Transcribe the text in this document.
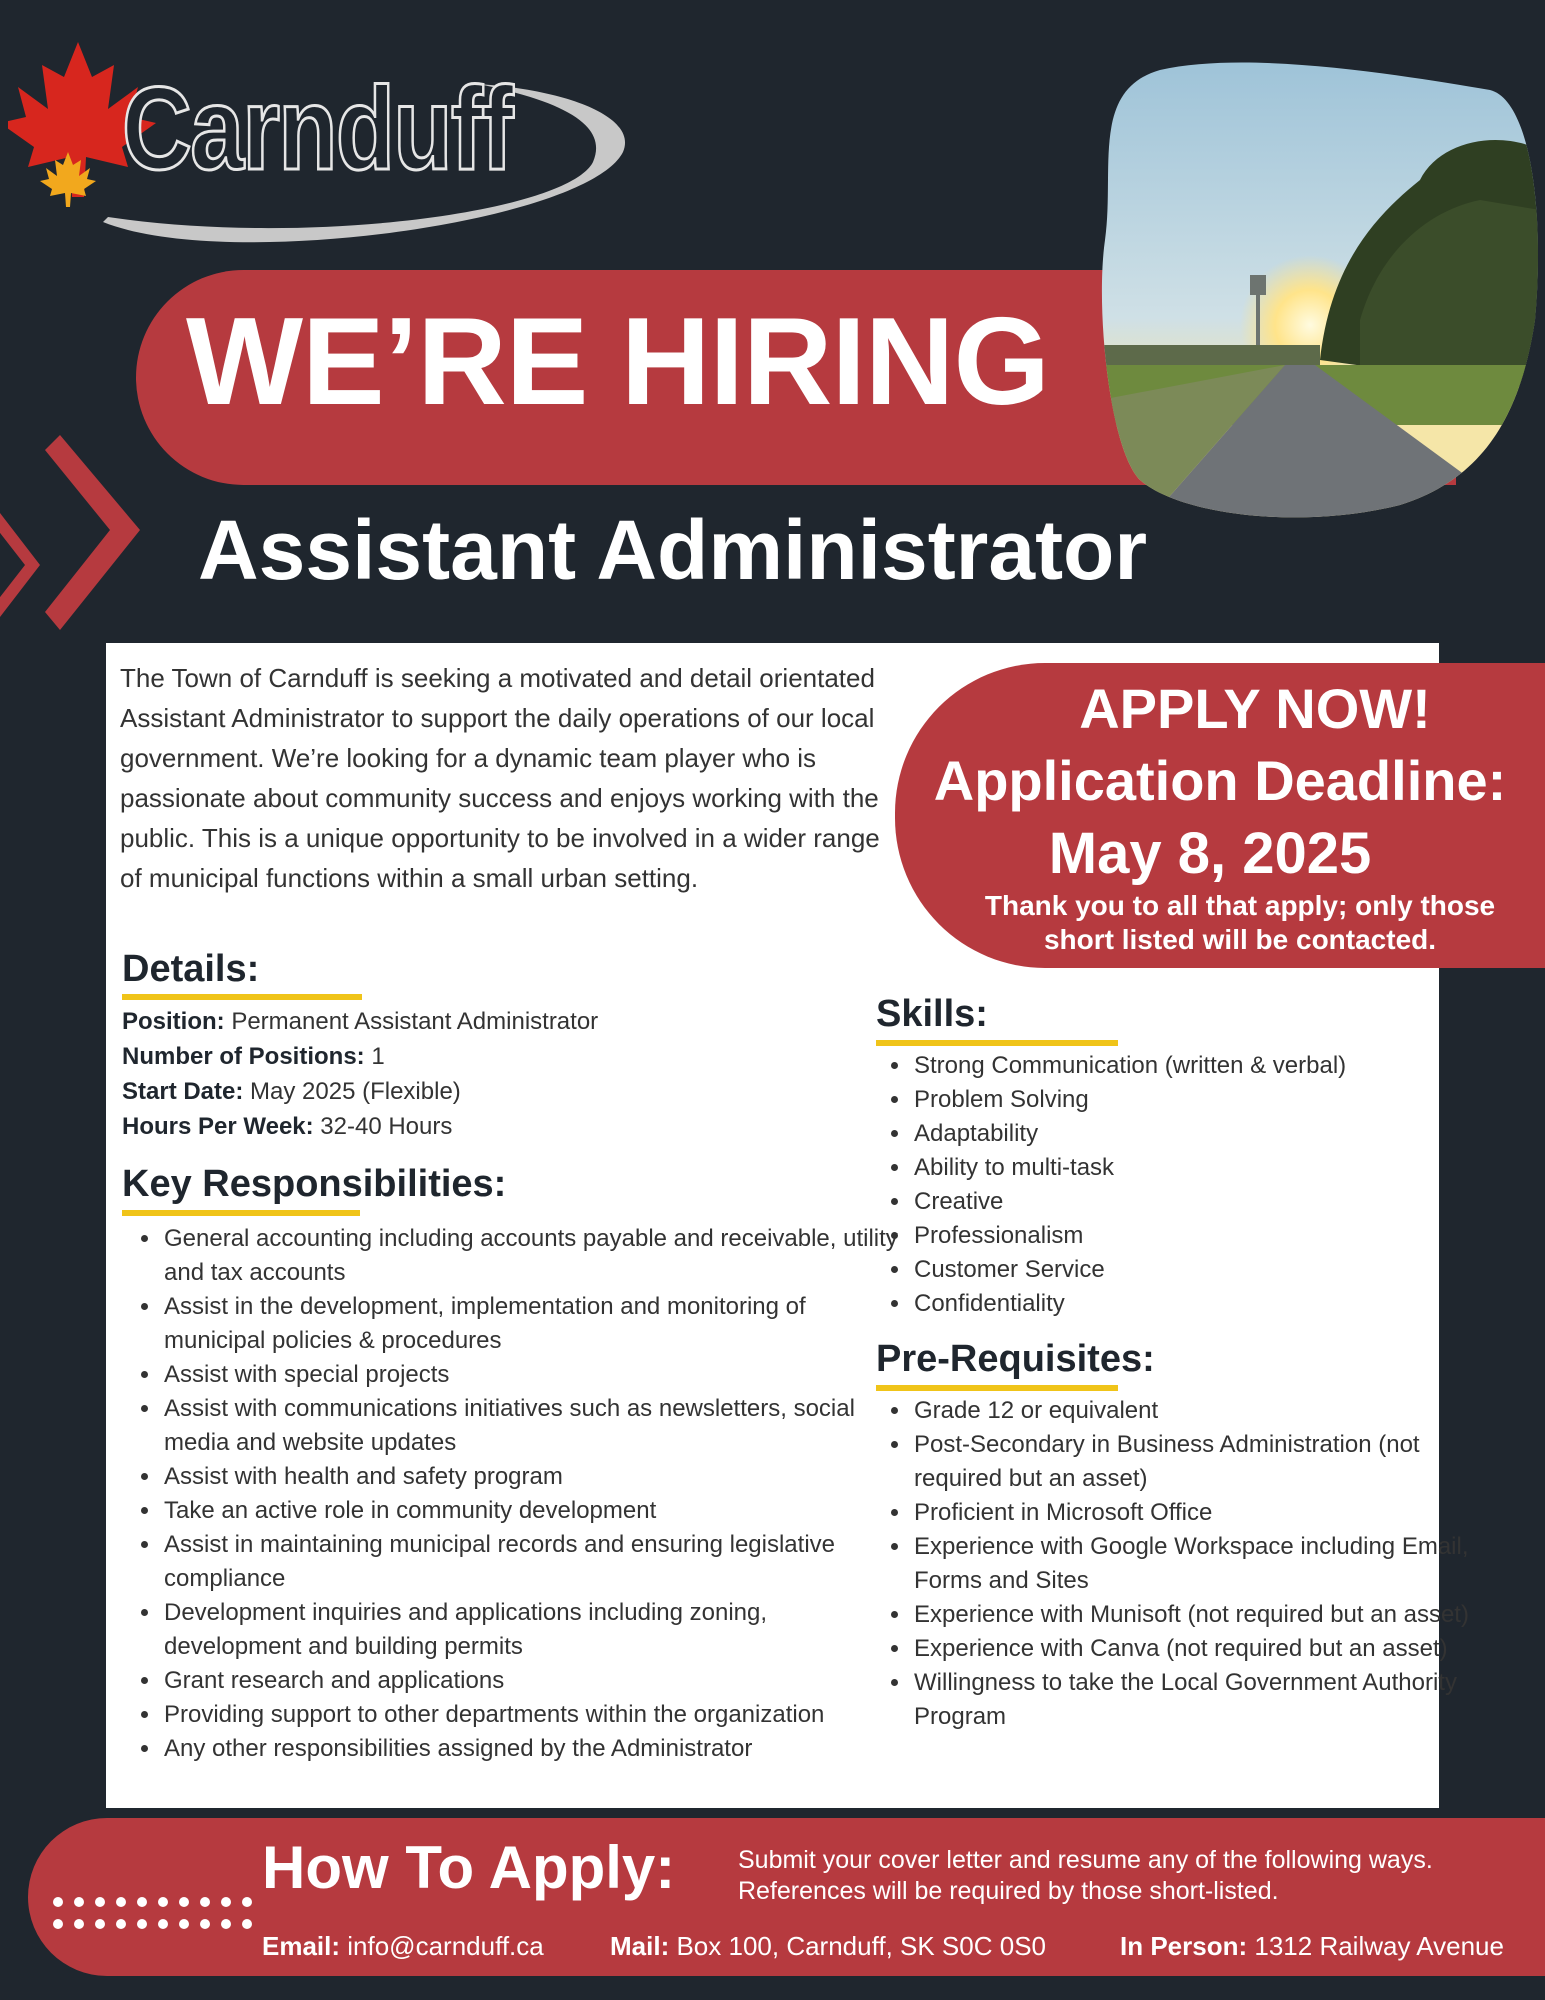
Carnduff
WE’RE HIRING
Assistant Administrator
The Town of Carnduff is seeking a motivated and detail orientated Assistant Administrator to support the daily operations of our local government. We’re looking for a dynamic team player who is passionate about community success and enjoys working with the public. This is a unique opportunity to be involved in a wider range of municipal functions within a small urban setting.
APPLY NOW!
Application Deadline:
May 8, 2025
Thank you to all that apply; only those short listed will be contacted.
Details:
Position: Permanent Assistant Administrator
Number of Positions: 1
Start Date: May 2025 (Flexible)
Hours Per Week: 32-40 Hours
Key Responsibilities:
• General accounting including accounts payable and receivable, utility and tax accounts
• Assist in the development, implementation and monitoring of municipal policies & procedures
• Assist with special projects
• Assist with communications initiatives such as newsletters, social media and website updates
• Assist with health and safety program
• Take an active role in community development
• Assist in maintaining municipal records and ensuring legislative compliance
• Development inquiries and applications including zoning, development and building permits
• Grant research and applications
• Providing support to other departments within the organization
• Any other responsibilities assigned by the Administrator
Skills:
• Strong Communication (written & verbal)
• Problem Solving
• Adaptability
• Ability to multi-task
• Creative
• Professionalism
• Customer Service
• Confidentiality
Pre-Requisites:
• Grade 12 or equivalent
• Post-Secondary in Business Administration (not required but an asset)
• Proficient in Microsoft Office
• Experience with Google Workspace including Email, Forms and Sites
• Experience with Munisoft (not required but an asset)
• Experience with Canva (not required but an asset)
• Willingness to take the Local Government Authority Program
How To Apply:	Submit your cover letter and resume any of the following ways.
References will be required by those short-listed.
Email: info@carnduff.ca	Mail: Box 100, Carnduff, SK S0C 0S0	In Person: 1312 Railway Avenue
